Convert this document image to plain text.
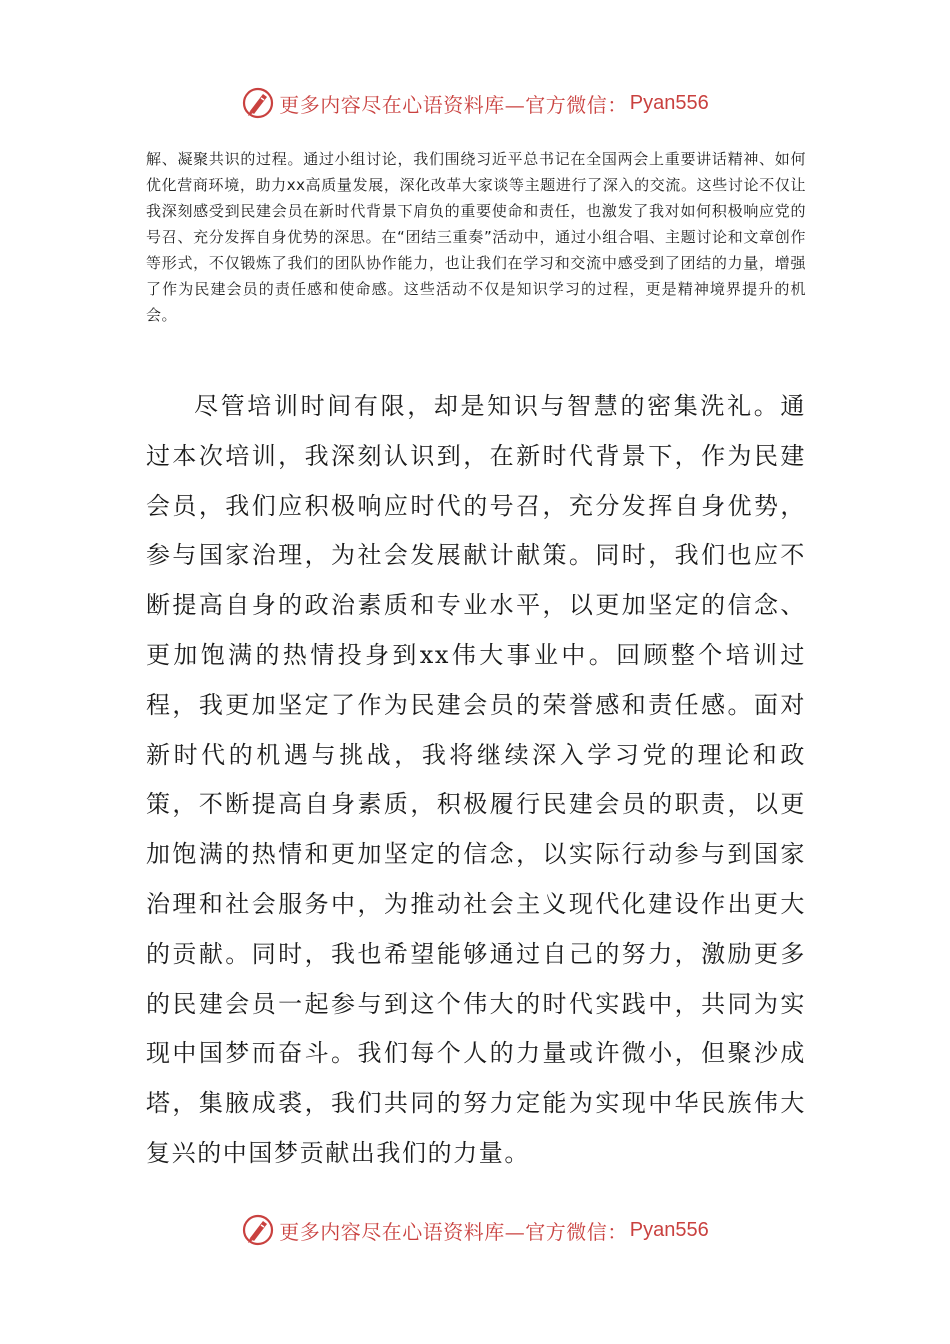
更多内容尽在心语资料库—官方微信： Pyan556

解、凝聚共识的过程。通过小组讨论，我们围绕习近平总书记在全国两会上重要讲话精神、如何优化营商环境，助力xx高质量发展，深化改革大家谈等主题进行了深入的交流。这些讨论不仅让我深刻感受到民建会员在新时代背景下肩负的重要使命和责任，也激发了我对如何积极响应党的号召、充分发挥自身优势的深思。在“团结三重奏”活动中，通过小组合唱、主题讨论和文章创作等形式，不仅锻炼了我们的团队协作能力，也让我们在学习和交流中感受到了团结的力量，增强了作为民建会员的责任感和使命感。这些活动不仅是知识学习的过程，更是精神境界提升的机会。

尽管培训时间有限，却是知识与智慧的密集洗礼。通过本次培训，我深刻认识到，在新时代背景下，作为民建会员，我们应积极响应时代的号召，充分发挥自身优势，参与国家治理，为社会发展献计献策。同时，我们也应不断提高自身的政治素质和专业水平，以更加坚定的信念、更加饱满的热情投身到xx伟大事业中。回顾整个培训过程，我更加坚定了作为民建会员的荣誉感和责任感。面对新时代的机遇与挑战，我将继续深入学习党的理论和政策，不断提高自身素质，积极履行民建会员的职责，以更加饱满的热情和更加坚定的信念，以实际行动参与到国家治理和社会服务中，为推动社会主义现代化建设作出更大的贡献。同时，我也希望能够通过自己的努力，激励更多的民建会员一起参与到这个伟大的时代实践中，共同为实现中国梦而奋斗。我们每个人的力量或许微小，但聚沙成塔，集腋成裘，我们共同的努力定能为实现中华民族伟大复兴的中国梦贡献出我们的力量。

更多内容尽在心语资料库—官方微信： Pyan556
